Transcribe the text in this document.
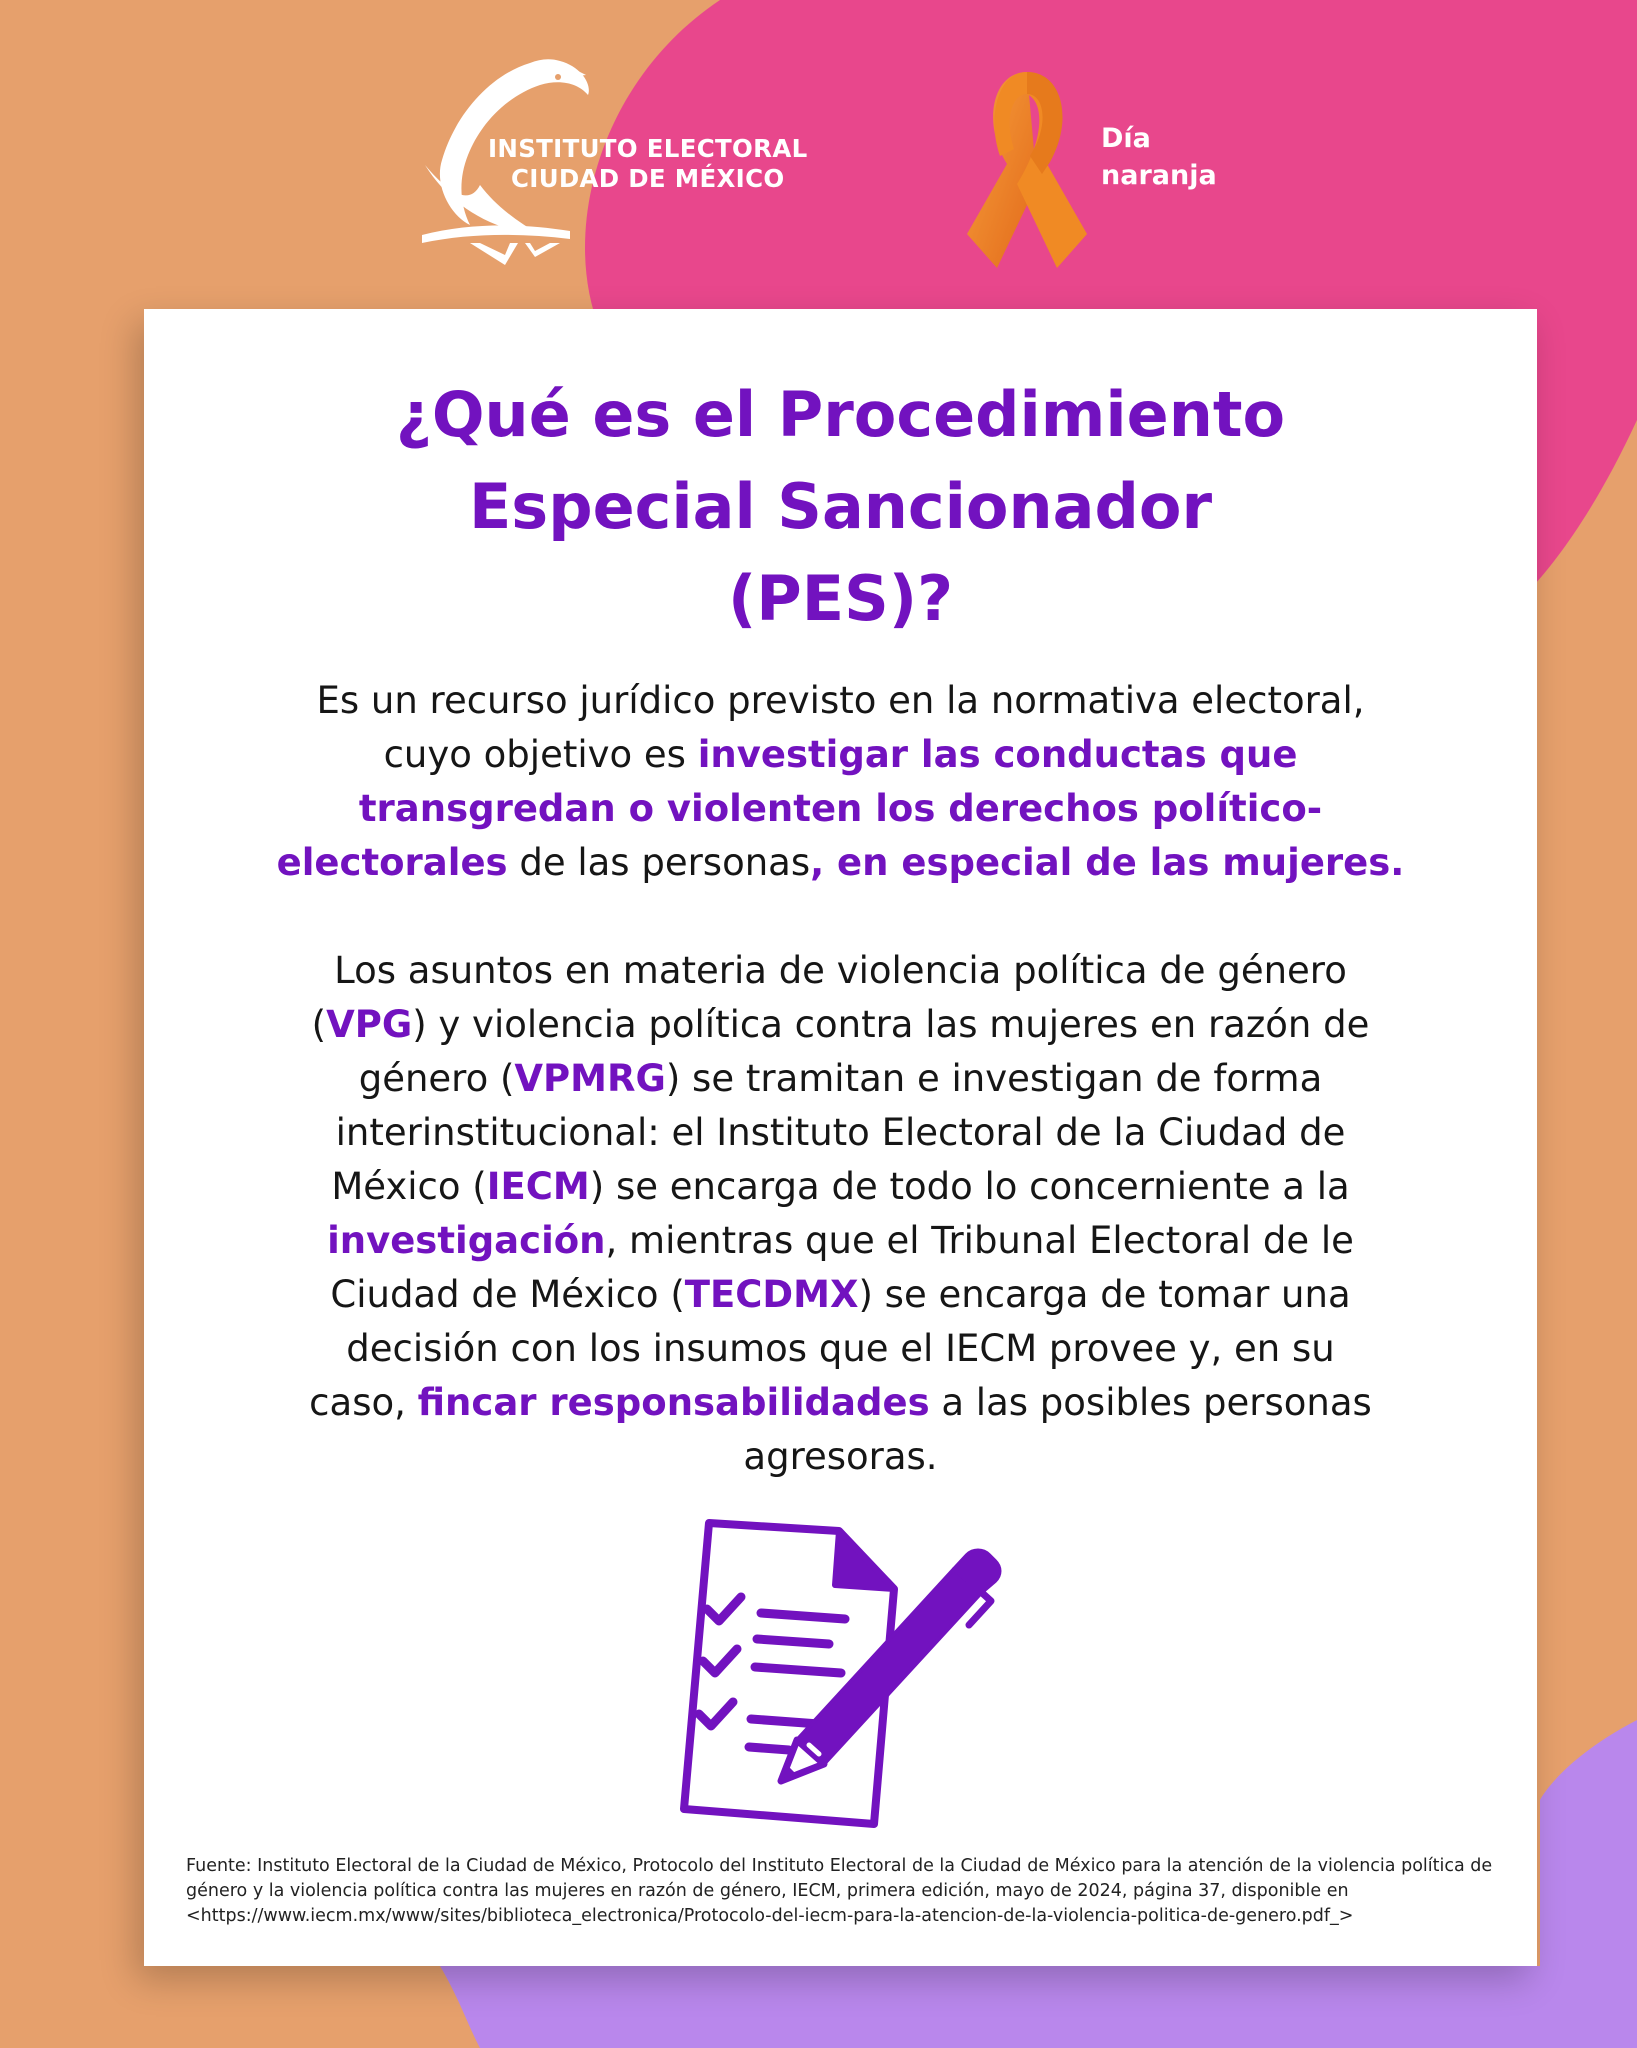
INSTITUTO ELECTORAL
CIUDAD DE MÉXICO
Día
naranja
¿Qué es el Procedimiento
Especial Sancionador
(PES)?
Es un recurso jurídico previsto en la normativa electoral,
cuyo objetivo es investigar las conductas que
transgredan o violenten los derechos político-
electorales de las personas, en especial de las mujeres.
Los asuntos en materia de violencia política de género
(VPG) y violencia política contra las mujeres en razón de
género (VPMRG) se tramitan e investigan de forma
interinstitucional: el Instituto Electoral de la Ciudad de
México (IECM) se encarga de todo lo concerniente a la
investigación, mientras que el Tribunal Electoral de le
Ciudad de México (TECDMX) se encarga de tomar una
decisión con los insumos que el IECM provee y, en su
caso, fincar responsabilidades a las posibles personas
agresoras.
Fuente: Instituto Electoral de la Ciudad de México, Protocolo del Instituto Electoral de la Ciudad de México para la atención de la violencia política de género y la violencia política contra las mujeres en razón de género, IECM, primera edición, mayo de 2024, página 37, disponible en <https://www.iecm.mx/www/sites/biblioteca_electronica/Protocolo-del-iecm-para-la-atencion-de-la-violencia-politica-de-genero.pdf_>
